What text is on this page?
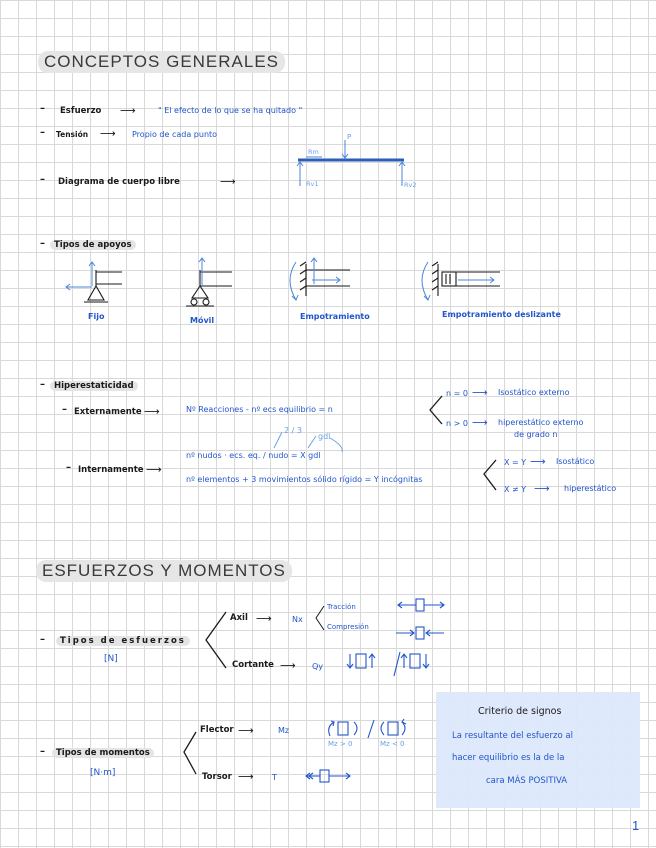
CONCEPTOS GENERALES
– Esfuerzo ⟶	" El efecto de lo que se ha quitado "
– Tensión ⟶ Propio de cada punto
– Diagrama de cuerpo libre	⟶
P
Rm
Rv1	Rv2
–	Tipos de apoyos
Fijo	Móvil	Empotramiento	Empotramiento deslizante
–	Hiperestaticidad
– Externamente ⟶	Nº Reacciones - nº ecs equilibrio = n
n = 0 ⟶ Isostático externo
n > 0 ⟶ hiperestático externo
de grado n
– Internamente ⟶
2 / 3
gdl
nº nudos · ecs. eq. / nudo = X gdl
nº elementos + 3 movimientos sólido rígido = Y incógnitas
X = Y ⟶ Isostático
X ≠ Y ⟶ hiperestático
ESFUERZOS Y MOMENTOS
–	Tipos de esfuerzos
[N]
Axil ⟶	Nx
Tracción
Compresión
Cortante ⟶ Qy
–	Tipos de momentos
[N·m]
Flector ⟶	Mz
Mz > 0	Mz < 0
Torsor ⟶ T
Criterio de signos
La resultante del esfuerzo al
hacer equilibrio es la de la
cara MÁS POSITIVA
1
